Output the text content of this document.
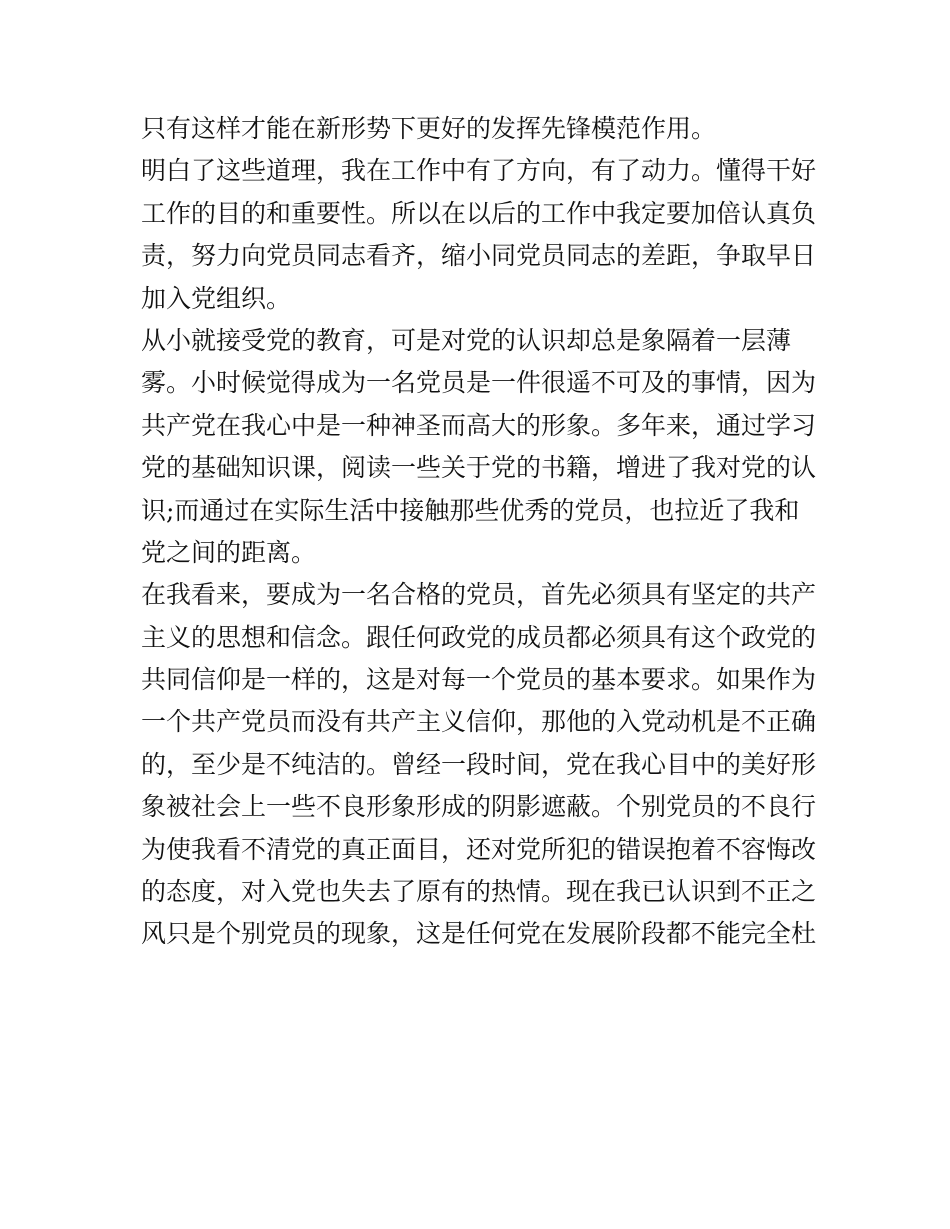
只有这样才能在新形势下更好的发挥先锋模范作用。
明白了这些道理，我在工作中有了方向，有了动力。懂得干好
工作的目的和重要性。所以在以后的工作中我定要加倍认真负
责，努力向党员同志看齐，缩小同党员同志的差距，争取早日
加入党组织。
从小就接受党的教育，可是对党的认识却总是象隔着一层薄
雾。小时候觉得成为一名党员是一件很遥不可及的事情，因为
共产党在我心中是一种神圣而高大的形象。多年来，通过学习
党的基础知识课，阅读一些关于党的书籍，增进了我对党的认
识;而通过在实际生活中接触那些优秀的党员，也拉近了我和
党之间的距离。
在我看来，要成为一名合格的党员，首先必须具有坚定的共产
主义的思想和信念。跟任何政党的成员都必须具有这个政党的
共同信仰是一样的，这是对每一个党员的基本要求。如果作为
一个共产党员而没有共产主义信仰，那他的入党动机是不正确
的，至少是不纯洁的。曾经一段时间，党在我心目中的美好形
象被社会上一些不良形象形成的阴影遮蔽。个别党员的不良行
为使我看不清党的真正面目，还对党所犯的错误抱着不容悔改
的态度，对入党也失去了原有的热情。现在我已认识到不正之
风只是个别党员的现象，这是任何党在发展阶段都不能完全杜
